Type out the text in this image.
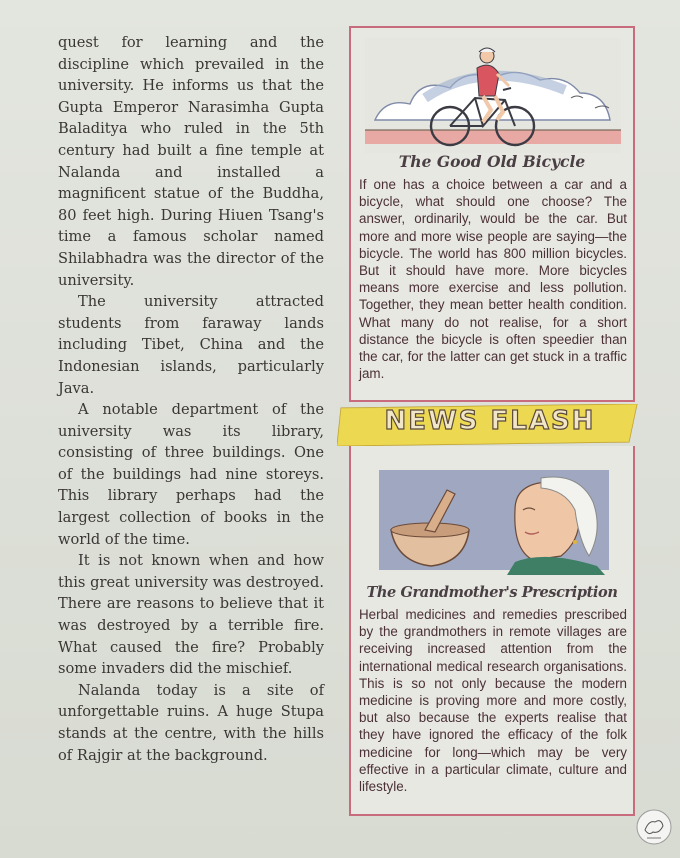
quest for learning and the discipline which prevailed in the university. He informs us that the Gupta Emperor Narasimha Gupta Baladitya who ruled in the 5th century had built a fine temple at Nalanda and installed a magnificent statue of the Buddha, 80 feet high. During Hiuen Tsang's time a famous scholar named Shilabhadra was the director of the university.

The university attracted students from faraway lands including Tibet, China and the Indonesian islands, particularly Java.

A notable department of the university was its library, consisting of three buildings. One of the buildings had nine storeys. This library perhaps had the largest collection of books in the world of the time.

It is not known when and how this great university was destroyed. There are reasons to believe that it was destroyed by a terrible fire. What caused the fire? Probably some invaders did the mischief.

Nalanda today is a site of unforgettable ruins. A huge Stupa stands at the centre, with the hills of Rajgir at the background.

The Good Old Bicycle
If one has a choice between a car and a bicycle, what should one choose? The answer, ordinarily, would be the car. But more and more wise people are saying—the bicycle. The world has 800 million bicycles. But it should have more. More bicycles means more exercise and less pollution. Together, they mean better health condition. What many do not realise, for a short distance the bicycle is often speedier than the car, for the latter can get stuck in a traffic jam.
NEWS FLASH
The Grandmother's Prescription
Herbal medicines and remedies prescribed by the grandmothers in remote villages are receiving increased attention from the international medical research organisations. This is so not only because the modern medicine is proving more and more costly, but also because the experts realise that they have ignored the efficacy of the folk medicine for long—which may be very effective in a particular climate, culture and lifestyle.
